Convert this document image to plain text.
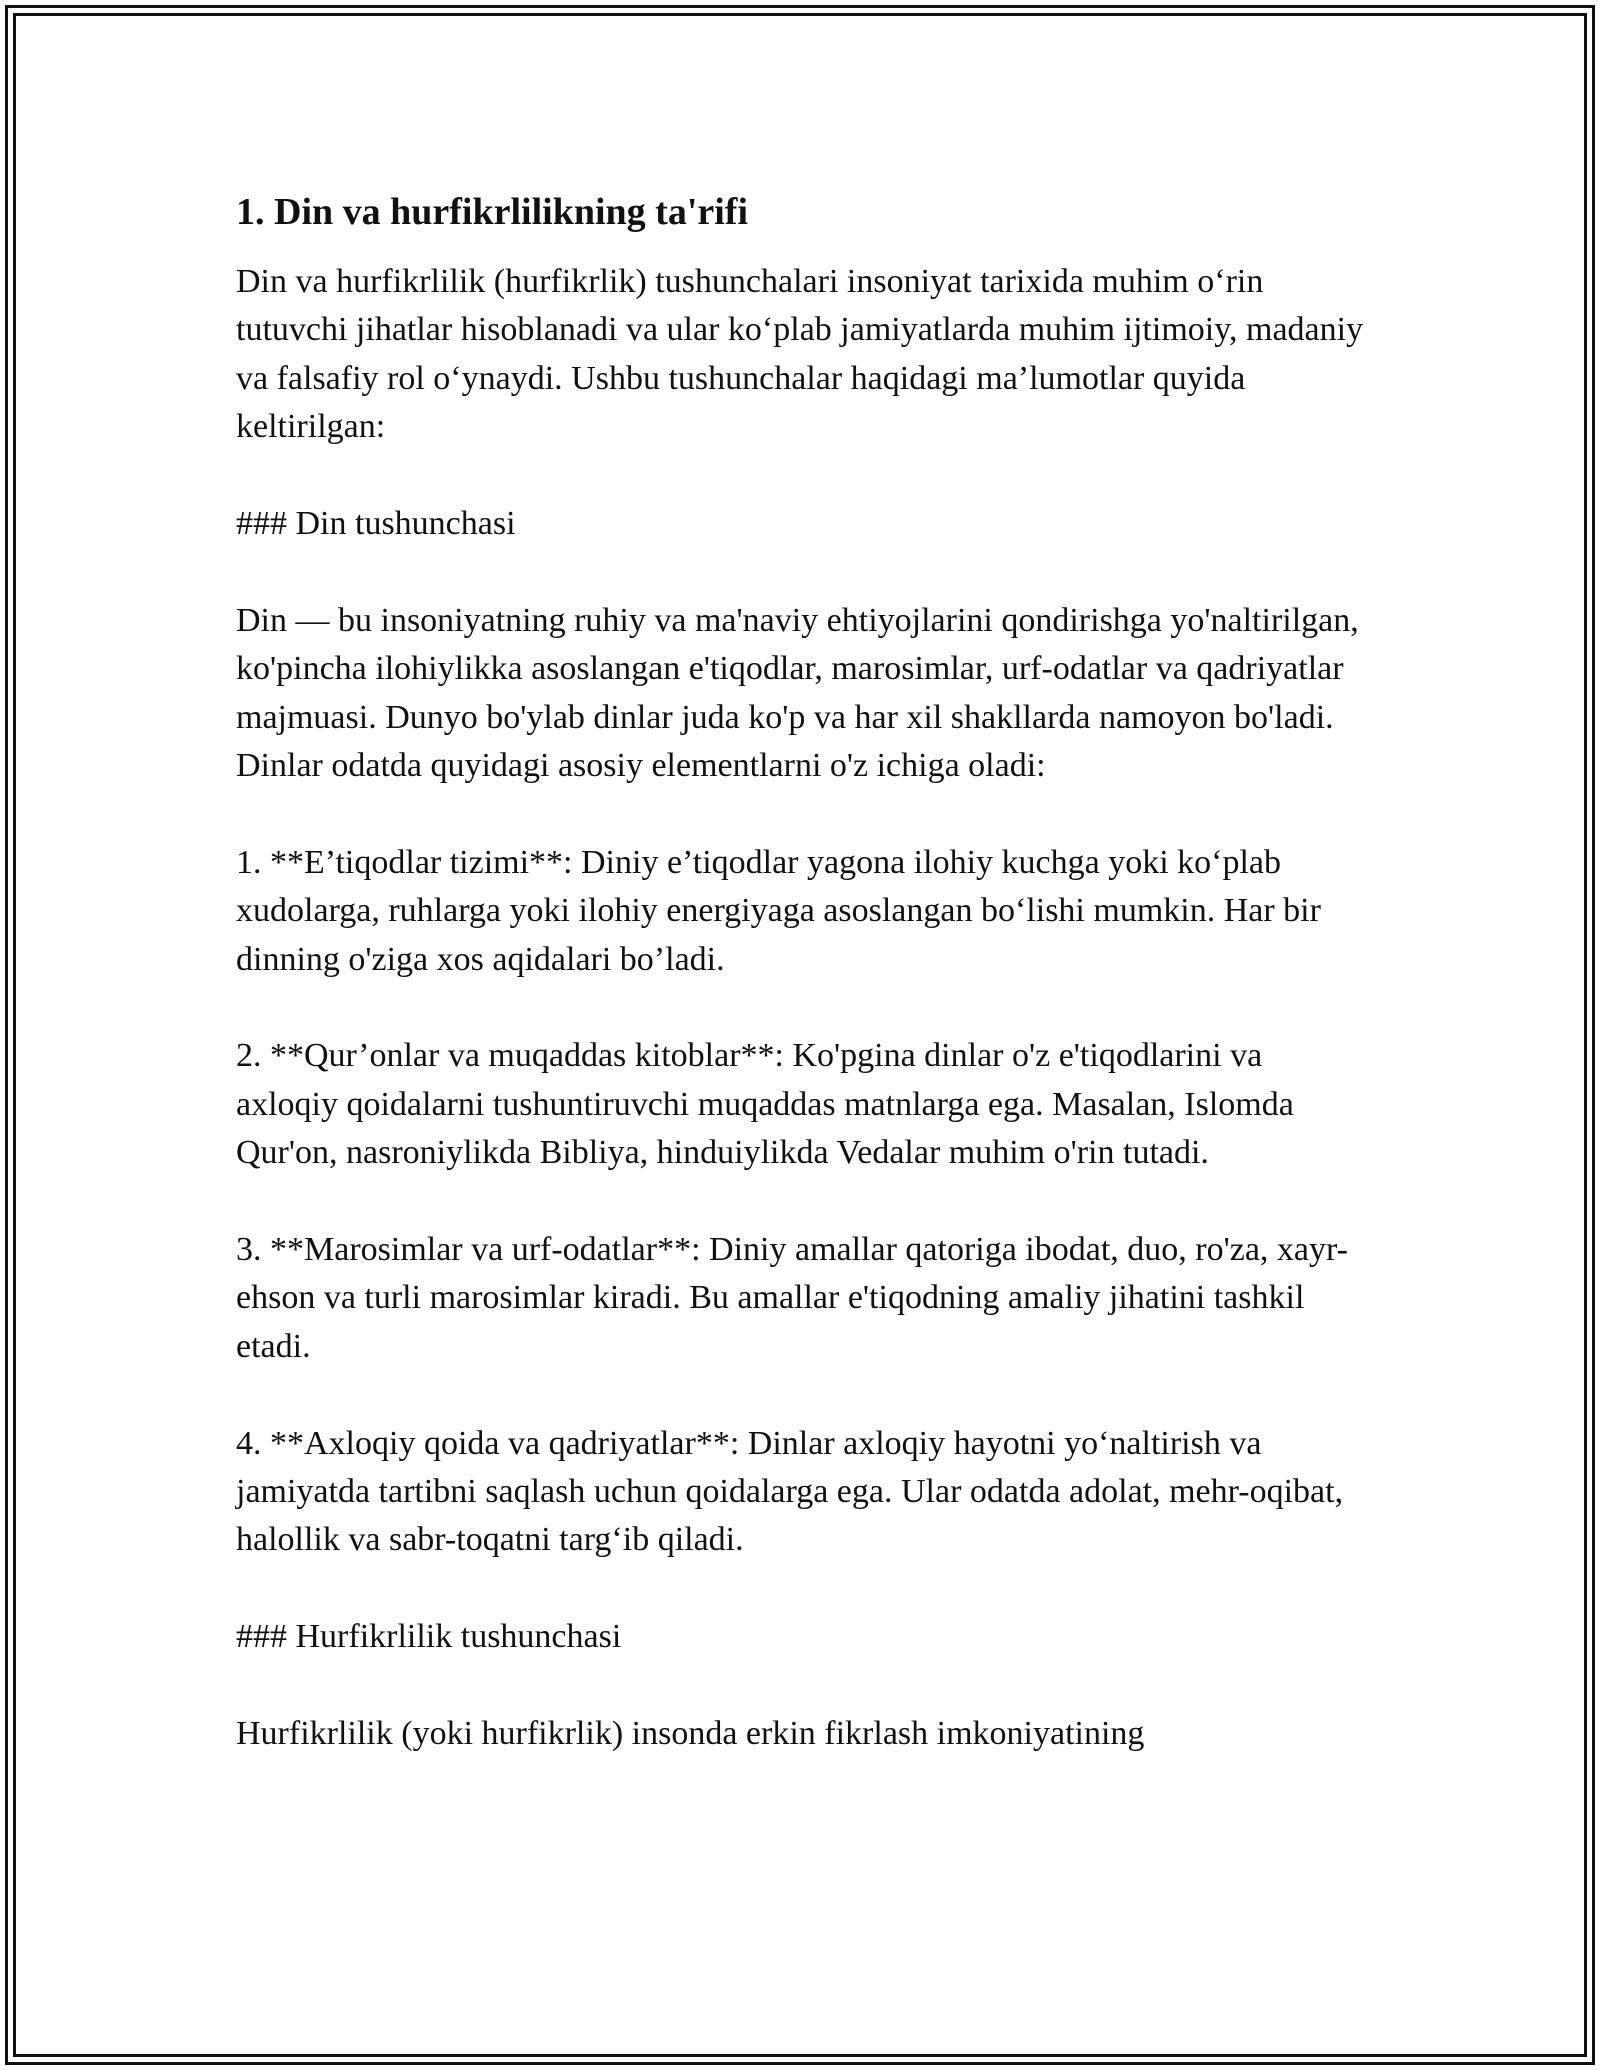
1. Din va hurfikrlilikning ta'rifi

Din va hurfikrlilik (hurfikrlik) tushunchalari insoniyat tarixida muhim o‘rin tutuvchi jihatlar hisoblanadi va ular ko‘plab jamiyatlarda muhim ijtimoiy, madaniy va falsafiy rol o‘ynaydi. Ushbu tushunchalar haqidagi ma’lumotlar quyida keltirilgan:

### Din tushunchasi

Din — bu insoniyatning ruhiy va ma'naviy ehtiyojlarini qondirishga yo'naltirilgan, ko'pincha ilohiylikka asoslangan e'tiqodlar, marosimlar, urf-odatlar va qadriyatlar majmuasi. Dunyo bo'ylab dinlar juda ko'p va har xil shakllarda namoyon bo'ladi. Dinlar odatda quyidagi asosiy elementlarni o'z ichiga oladi:

1. **E’tiqodlar tizimi**: Diniy e’tiqodlar yagona ilohiy kuchga yoki ko‘plab xudolarga, ruhlarga yoki ilohiy energiyaga asoslangan bo‘lishi mumkin. Har bir dinning o'ziga xos aqidalari bo’ladi.

2. **Qur’onlar va muqaddas kitoblar**: Ko'pgina dinlar o'z e'tiqodlarini va axloqiy qoidalarni tushuntiruvchi muqaddas matnlarga ega. Masalan, Islomda Qur'on, nasroniylikda Bibliya, hinduiylikda Vedalar muhim o'rin tutadi.

3. **Marosimlar va urf-odatlar**: Diniy amallar qatoriga ibodat, duo, ro'za, xayr-ehson va turli marosimlar kiradi. Bu amallar e'tiqodning amaliy jihatini tashkil etadi.

4. **Axloqiy qoida va qadriyatlar**: Dinlar axloqiy hayotni yo‘naltirish va jamiyatda tartibni saqlash uchun qoidalarga ega. Ular odatda adolat, mehr-oqibat, halollik va sabr-toqatni targ‘ib qiladi.

### Hurfikrlilik tushunchasi

Hurfikrlilik (yoki hurfikrlik) insonda erkin fikrlash imkoniyatining
